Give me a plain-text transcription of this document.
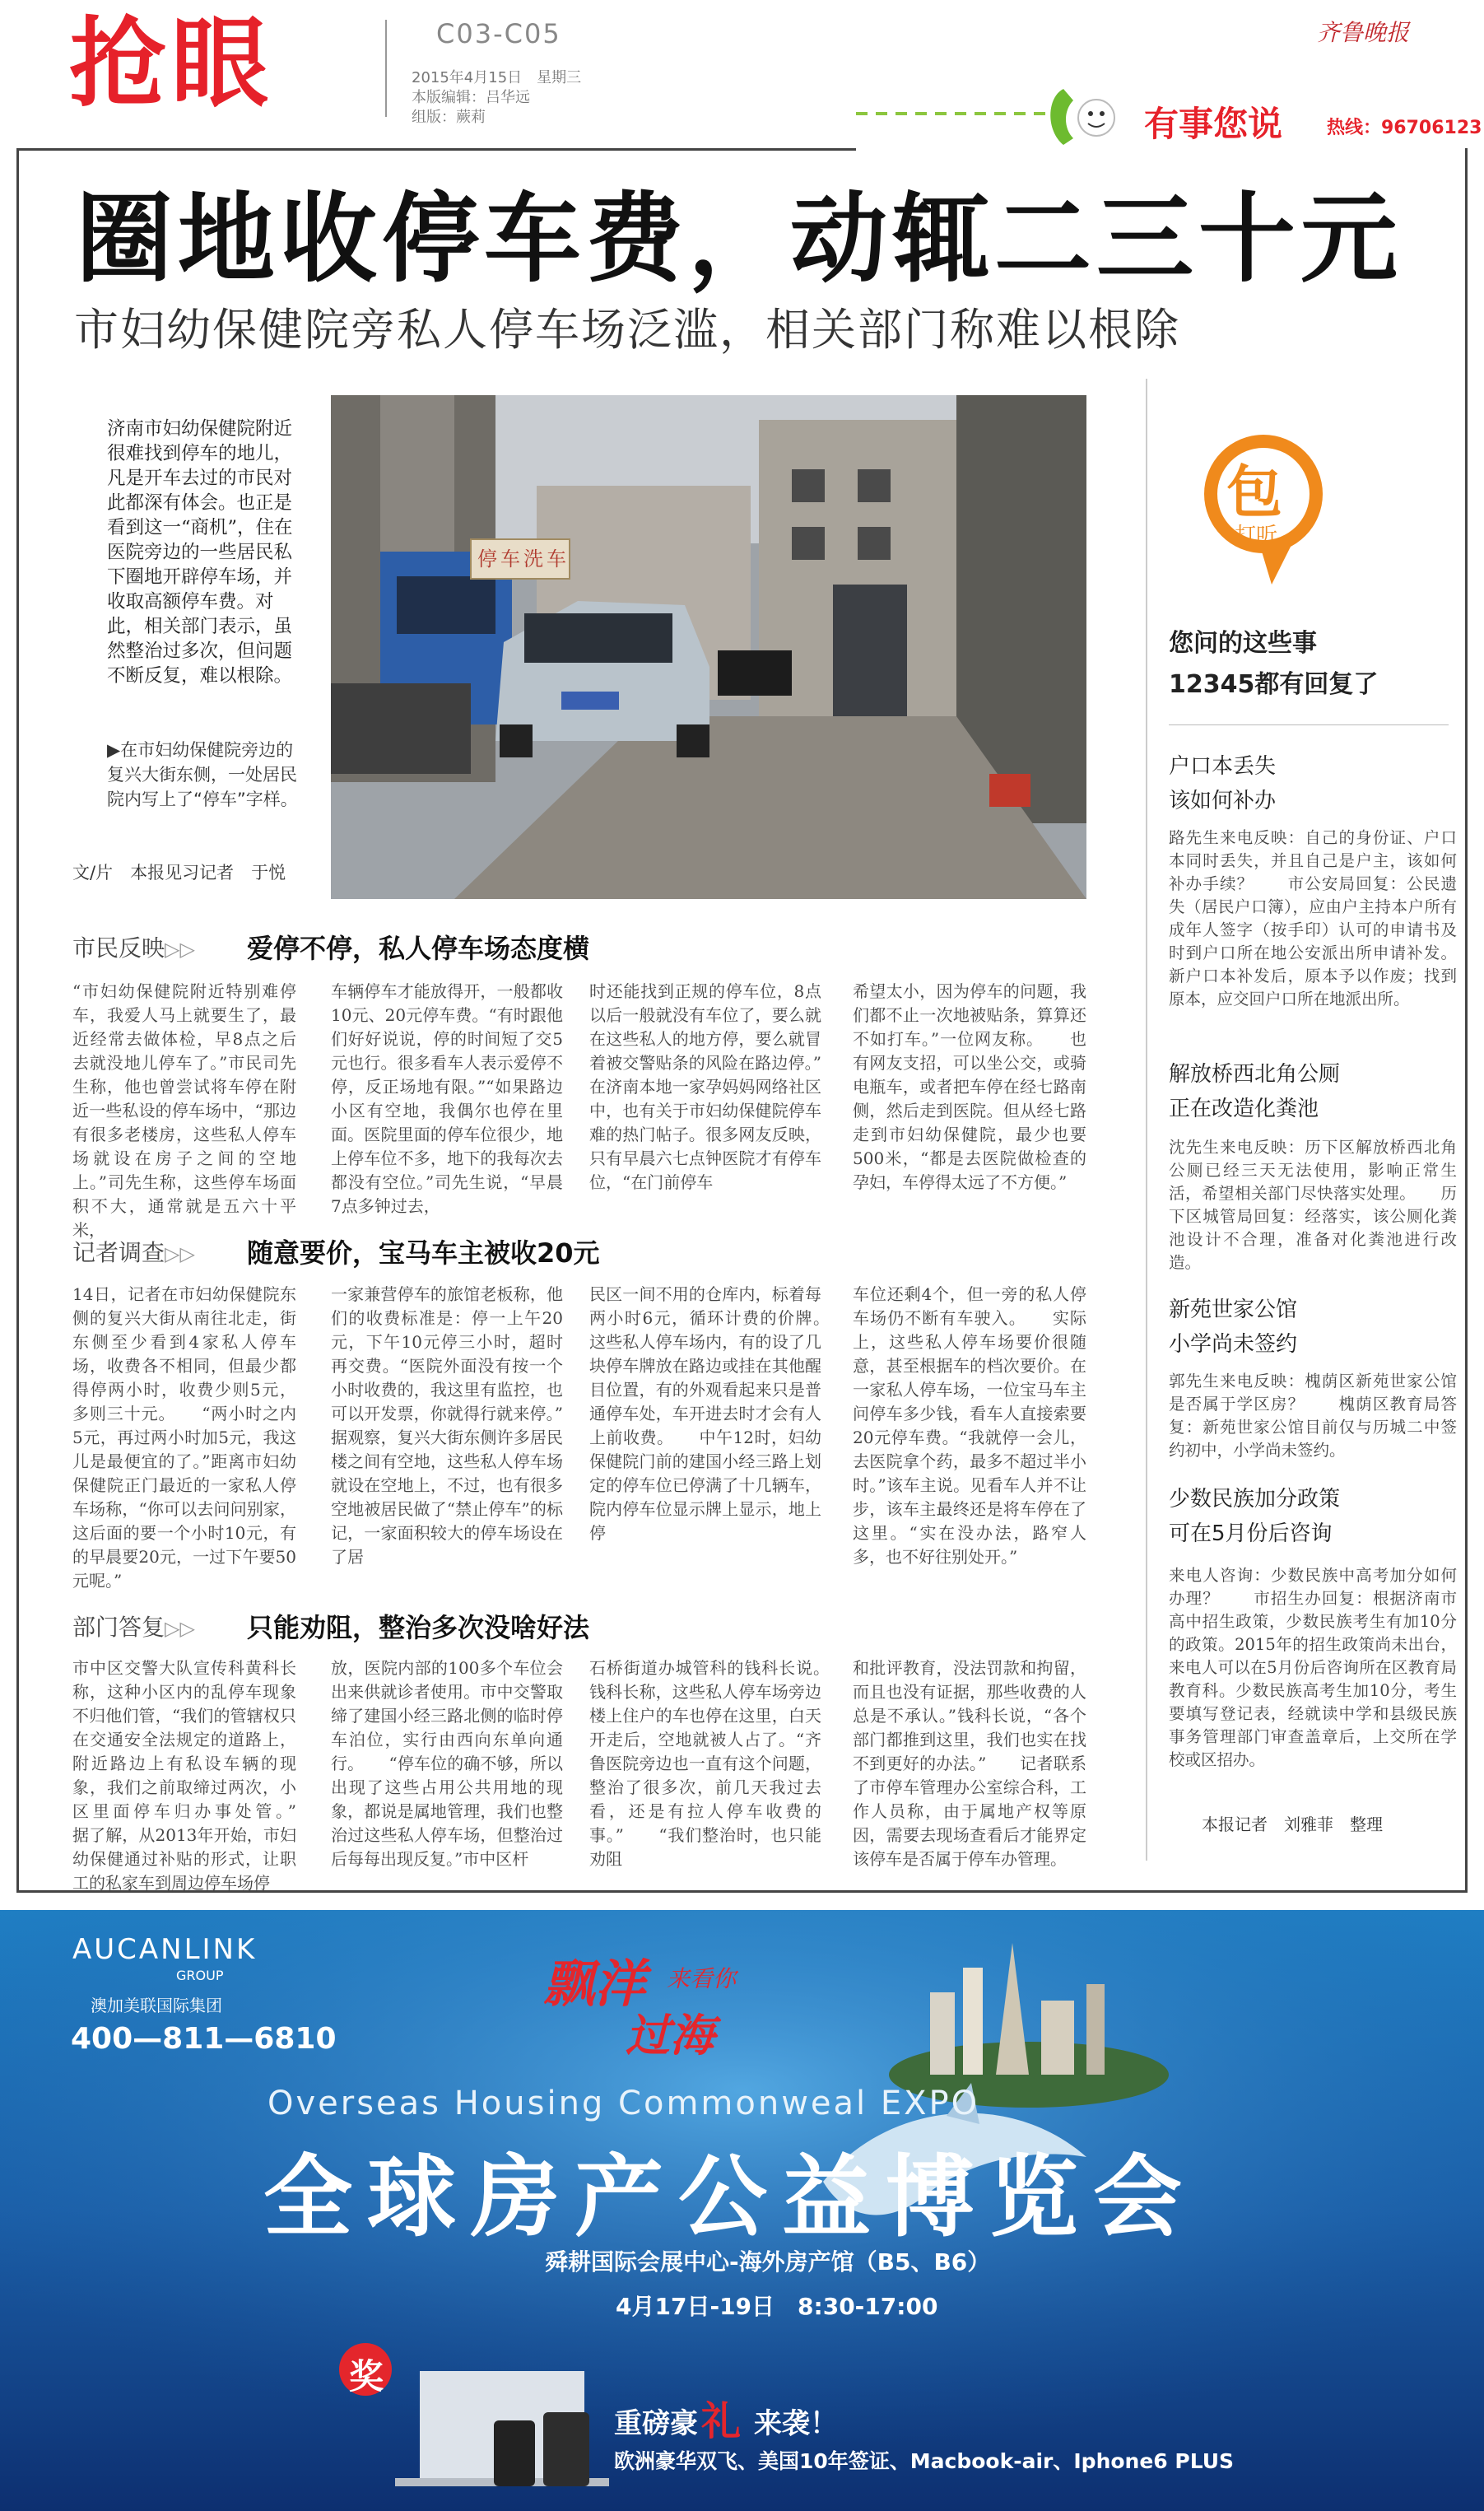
抢眼	C03-C05
2015年4月15日　星期三
本版编辑：吕华远
组版：蕨莉
齐鲁晚报
有事您说 热线：96706123
圈地收停车费，动辄二三十元
市妇幼保健院旁私人停车场泛滥，相关部门称难以根除
济南市妇幼保健院附近很难找到停车的地儿，凡是开车去过的市民对此都深有体会。也正是看到这一“商机”，住在医院旁边的一些居民私下圈地开辟停车场，并收取高额停车费。对此，相关部门表示，虽然整治过多次，但问题不断反复，难以根除。
▶在市妇幼保健院旁边的复兴大街东侧，一处居民院内写上了“停车”字样。
文/片　本报见习记者　于悦
停 车 洗 车
市民反映▷▷ 爱停不停，私人停车场态度横
“市妇幼保健院附近特别难停车，我爱人马上就要生了，最近经常去做体检，早8点之后去就没地儿停车了。”市民司先生称，他也曾尝试将车停在附近一些私设的停车场中，“那边有很多老楼房，这些私人停车场就设在房子之间的空地上。”司先生称，这些停车场面积不大，通常就是五六十平米，
车辆停车才能放得开，一般都收10元、20元停车费。“有时跟他们好好说说，停的时间短了交5元也行。很多看车人表示爱停不停，反正场地有限。”“如果路边小区有空地，我偶尔也停在里面。医院里面的停车位很少，地上停车位不多，地下的我每次去都没有空位。”司先生说，“早晨7点多钟过去，
时还能找到正规的停车位，8点以后一般就没有车位了，要么就在这些私人的地方停，要么就冒着被交警贴条的风险在路边停。”　　在济南本地一家孕妈妈网络社区中，也有关于市妇幼保健院停车难的热门帖子。很多网友反映，只有早晨六七点钟医院才有停车位，“在门前停车
希望太小，因为停车的问题，我们都不止一次地被贴条，算算还不如打车。”一位网友称。　　也有网友支招，可以坐公交，或骑电瓶车，或者把车停在经七路南侧，然后走到医院。但从经七路走到市妇幼保健院，最少也要500米，“都是去医院做检查的孕妇，车停得太远了不方便。”
记者调查▷▷ 随意要价，宝马车主被收20元
14日，记者在市妇幼保健院东侧的复兴大街从南往北走，街东侧至少看到4家私人停车场，收费各不相同，但最少都得停两小时，收费少则5元，多则三十元。　　“两小时之内5元，再过两小时加5元，我这儿是最便宜的了。”距离市妇幼保健院正门最近的一家私人停车场称，“你可以去问问别家，这后面的要一个小时10元，有的早晨要20元，一过下午要50元呢。”
一家兼营停车的旅馆老板称，他们的收费标准是：停一上午20元，下午10元停三小时，超时再交费。“医院外面没有按一个小时收费的，我这里有监控，也可以开发票，你就得行就来停。”　　据观察，复兴大街东侧许多居民楼之间有空地，这些私人停车场就设在空地上，不过，也有很多空地被居民做了“禁止停车”的标记，一家面积较大的停车场设在了居
民区一间不用的仓库内，标着每两小时6元，循环计费的价牌。　　这些私人停车场内，有的设了几块停车牌放在路边或挂在其他醒目位置，有的外观看起来只是普通停车处，车开进去时才会有人上前收费。　　中午12时，妇幼保健院门前的建国小经三路上划定的停车位已停满了十几辆车，院内停车位显示牌上显示，地上停
车位还剩4个，但一旁的私人停车场仍不断有车驶入。　　实际上，这些私人停车场要价很随意，甚至根据车的档次要价。在一家私人停车场，一位宝马车主问停车多少钱，看车人直接索要20元停车费。“我就停一会儿，去医院拿个药，最多不超过半小时。”该车主说。见看车人并不让步，该车主最终还是将车停在了这里。“实在没办法，路窄人多，也不好往别处开。”
部门答复▷▷ 只能劝阻，整治多次没啥好法
市中区交警大队宣传科黄科长称，这种小区内的乱停车现象不归他们管，“我们的管辖权只在交通安全法规定的道路上，附近路边上有私设车辆的现象，我们之前取缔过两次，小区里面停车归办事处管。”　　据了解，从2013年开始，市妇幼保健通过补贴的形式，让职工的私家车到周边停车场停
放，医院内部的100多个车位会出来供就诊者使用。市中交警取缔了建国小经三路北侧的临时停车泊位，实行由西向东单向通行。　　“停车位的确不够，所以出现了这些占用公共用地的现象，都说是属地管理，我们也整治过这些私人停车场，但整治过后每每出现反复。”市中区杆
石桥街道办城管科的钱科长说。　　钱科长称，这些私人停车场旁边楼上住户的车也停在这里，白天开走后，空地就被人占了。“齐鲁医院旁边也一直有这个问题，整治了很多次，前几天我过去看，还是有拉人停车收费的事。”　　“我们整治时，也只能劝阻
和批评教育，没法罚款和拘留，而且也没有证据，那些收费的人总是不承认。”钱科长说，“各个部门都推到这里，我们也实在找不到更好的办法。”　　记者联系了市停车管理办公室综合科，工作人员称，由于属地产权等原因，需要去现场查看后才能界定该停车是否属于停车办管理。
包
打听
您问的这些事
12345都有回复了
户口本丢失
该如何补办
路先生来电反映：自己的身份证、户口本同时丢失，并且自己是户主，该如何补办手续？　　市公安局回复：公民遗失（居民户口簿），应由户主持本户所有成年人签字（按手印）认可的申请书及时到户口所在地公安派出所申请补发。新户口本补发后，原本予以作废；找到原本，应交回户口所在地派出所。
解放桥西北角公厕
正在改造化粪池
沈先生来电反映：历下区解放桥西北角公厕已经三天无法使用，影响正常生活，希望相关部门尽快落实处理。　　历下区城管局回复：经落实，该公厕化粪池设计不合理，准备对化粪池进行改造。
新苑世家公馆
小学尚未签约
郭先生来电反映：槐荫区新苑世家公馆是否属于学区房？　　槐荫区教育局答复：新苑世家公馆目前仅与历城二中签约初中，小学尚未签约。
少数民族加分政策
可在5月份后咨询
来电人咨询：少数民族中高考加分如何办理？　　市招生办回复：根据济南市高中招生政策，少数民族考生有加10分的政策。2015年的招生政策尚未出台，来电人可以在5月份后咨询所在区教育局教育科。少数民族高考生加10分，考生要填写登记表，经就读中学和县级民族事务管理部门审查盖章后，上交所在学校或区招办。
本报记者　刘雅菲　整理
AUCANLINK
GROUP
澳加美联国际集团
400—811—6810
飘洋 来看你
过海
Overseas Housing Commonweal EXPO
全球房产公益博览会
舜耕国际会展中心-海外房产馆（B5、B6）
4月17日-19日　8:30-17:00
奖
重磅豪 礼 来袭！
欧洲豪华双飞、美国10年签证、Macbook-air、Iphone6 PLUS
